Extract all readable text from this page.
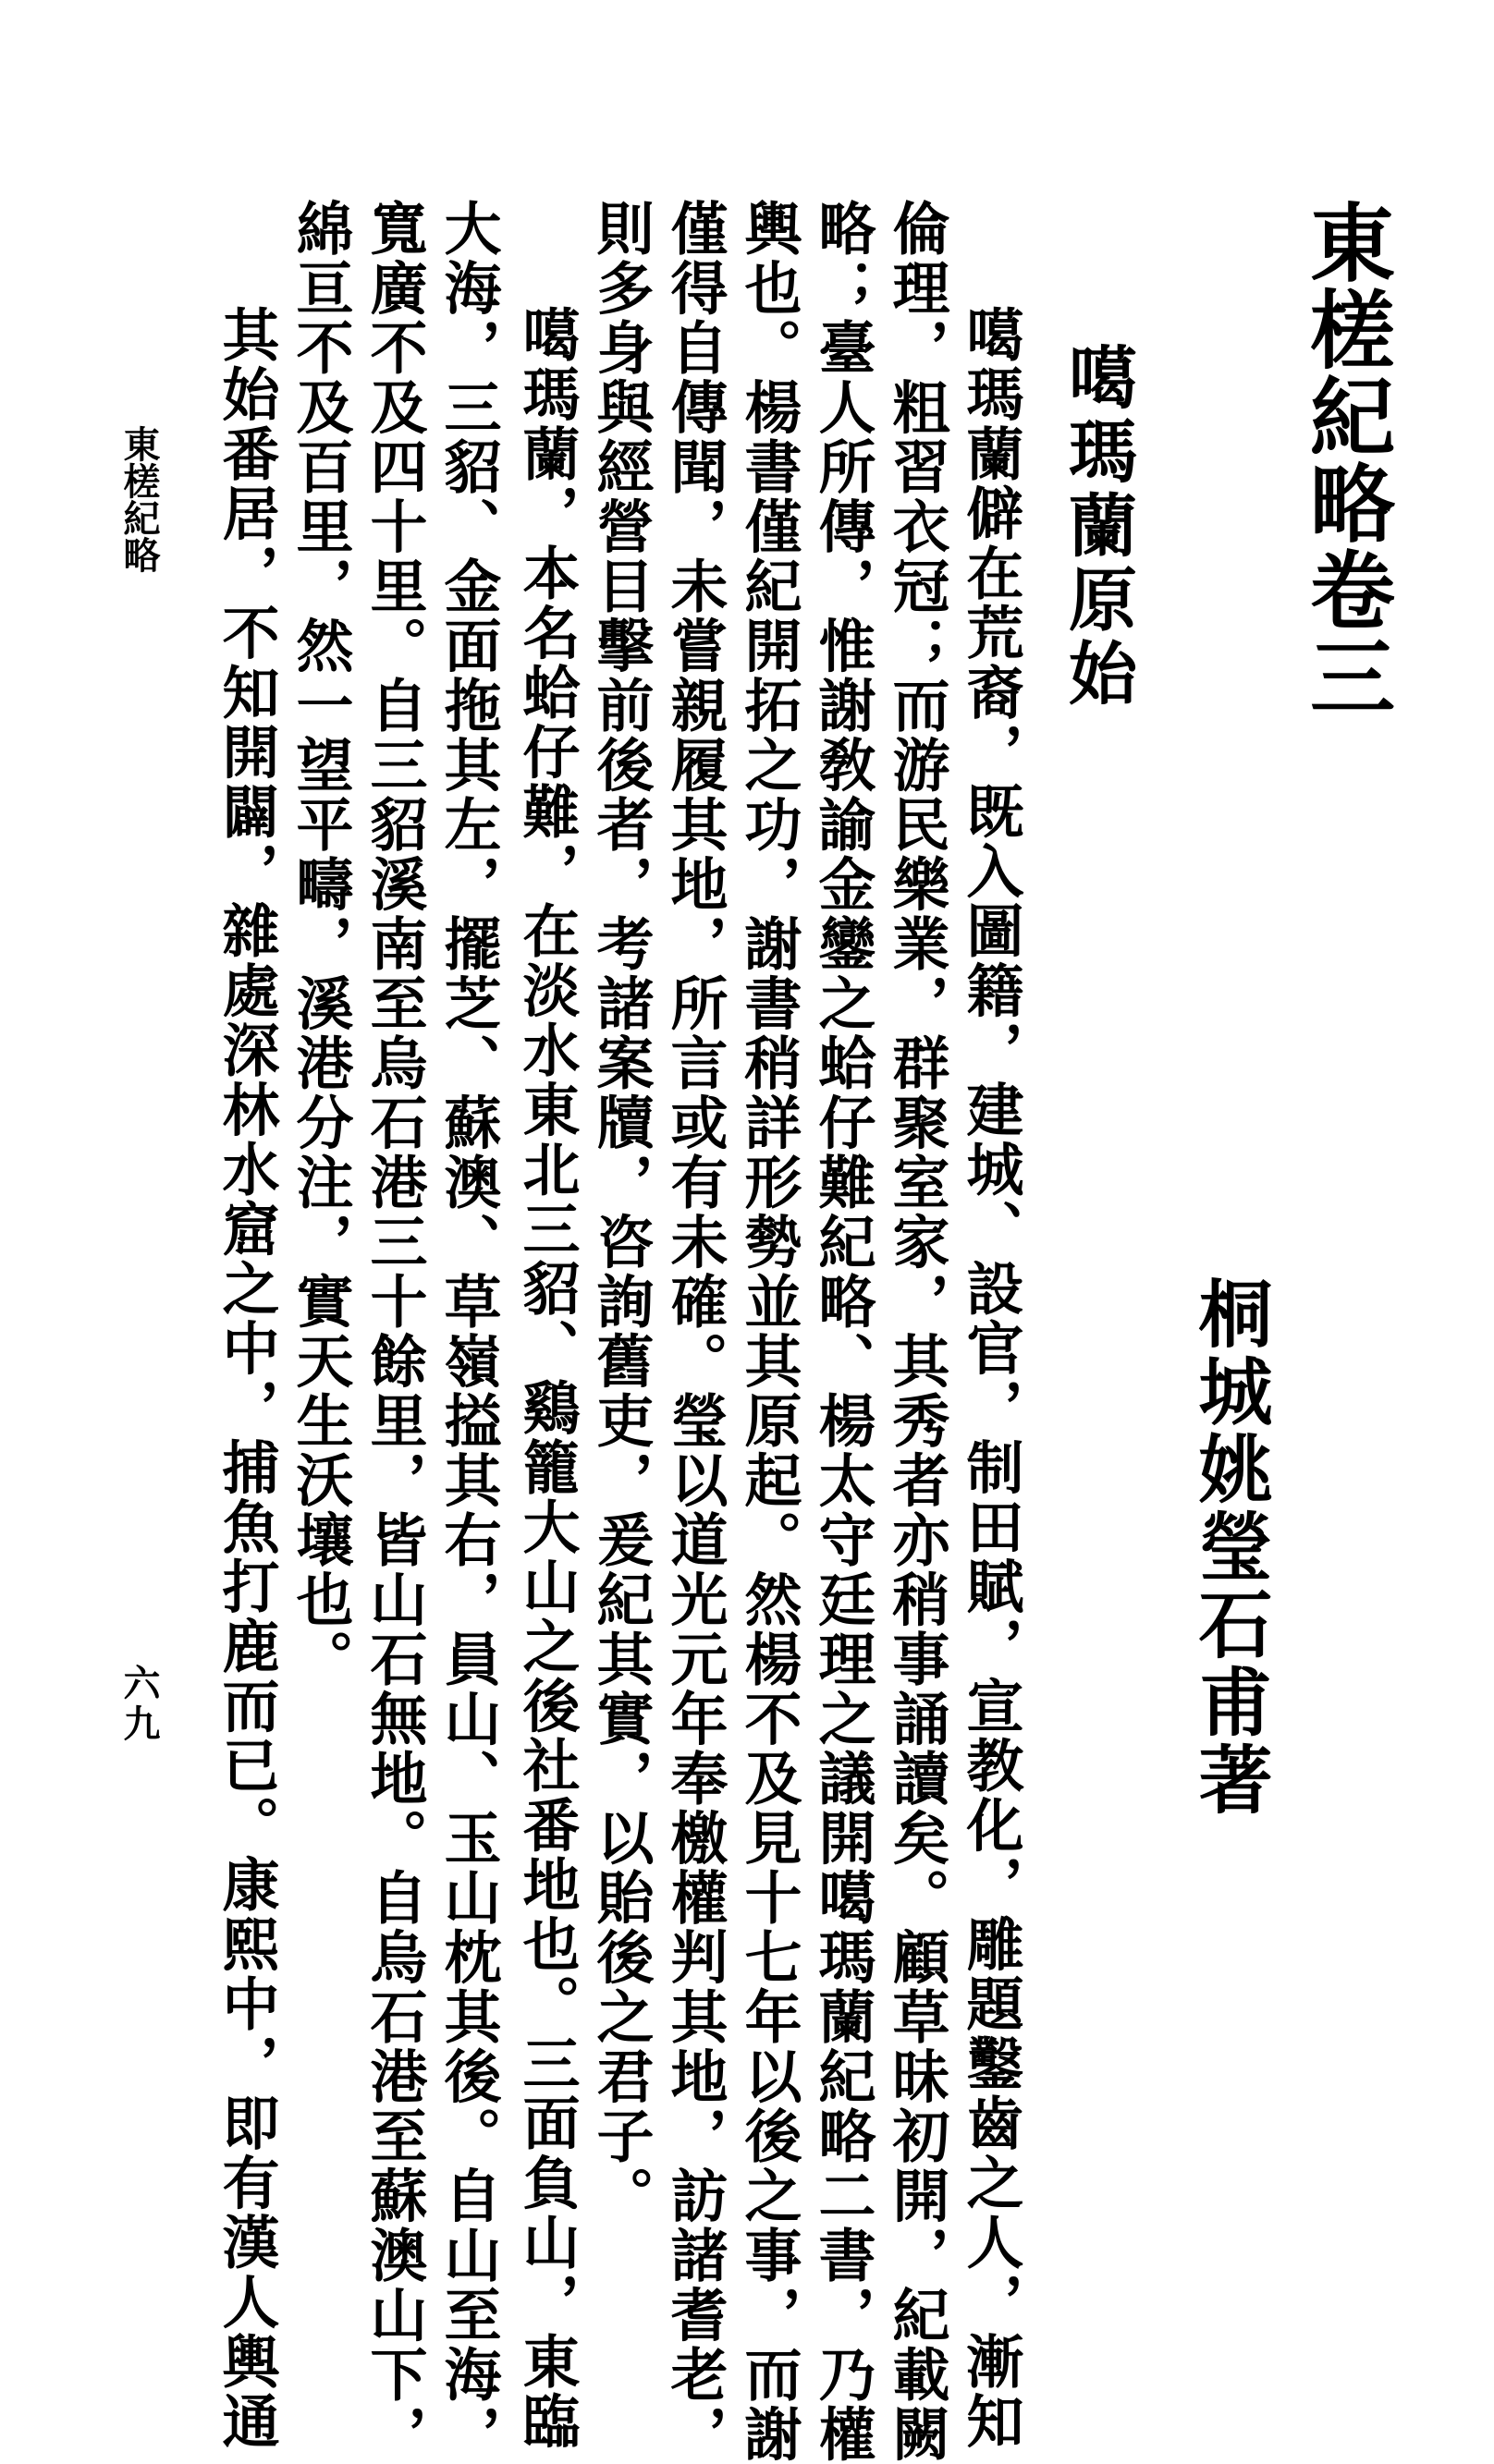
東槎紀略卷三
桐城姚瑩石甫著
噶瑪蘭原始
噶瑪蘭僻在荒裔，既入圖籍，建城、設官，制田賦，宣教化，雕題鑿齒之人，漸知
倫理，粗習衣冠；而游民樂業，群聚室家，其秀者亦稍事誦讀矣。顧草昧初開，紀載闕
略；臺人所傳，惟謝敎諭金鑾之蛤仔難紀略、楊太守廷理之議開噶瑪蘭紀略二書，乃權
輿也。楊書僅紀開拓之功，謝書稍詳形勢並其原起。然楊不及見十七年以後之事，而謝
僅得自傳聞，未嘗親履其地，所言或有未確。瑩以道光元年奉檄權判其地，訪諸耆老，
則多身與經營目擊前後者，考諸案牘，咨詢舊吏，爰紀其實，以貽後之君子。
噶瑪蘭，本名蛤仔難，在淡水東北三貂、鷄籠大山之後社番地也。三面負山，東臨
大海，三貂、金面拖其左，擺芝、蘇澳、草嶺搤其右，員山、玉山枕其後。自山至海，
寬廣不及四十里。自三貂溪南至烏石港三十餘里，皆山石無地。自烏石港至蘇澳山下，
綿亘不及百里，然一望平疇，溪港分注，實天生沃壤也。
其始番居，不知開闢，雜處深林水窟之中，捕魚打鹿而已。康熙中，即有漢人輿通
東槎紀略
六九
